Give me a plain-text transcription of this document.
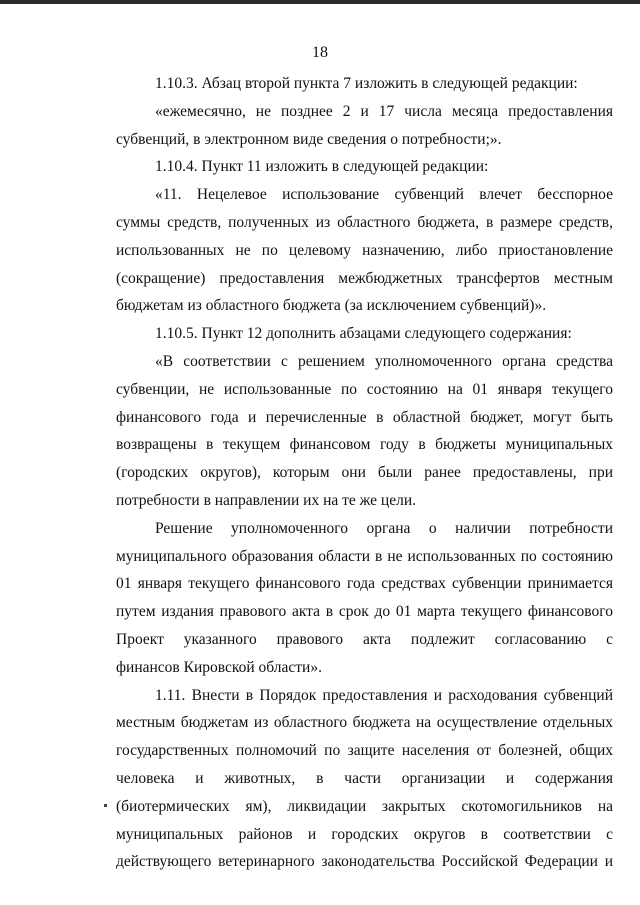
18

1.10.3. Абзац второй пункта 7 изложить в следующей редакции:

«ежемесячно, не позднее 2 и 17 числа месяца предоставления
субвенций, в электронном виде сведения о потребности;».

1.10.4. Пункт 11 изложить в следующей редакции:

«11. Нецелевое использование субвенций влечет бесспорное
суммы средств, полученных из областного бюджета, в размере средств,
использованных не по целевому назначению, либо приостановление
(сокращение) предоставления межбюджетных трансфертов местным
бюджетам из областного бюджета (за исключением субвенций)».

1.10.5. Пункт 12 дополнить абзацами следующего содержания:

«В соответствии с решением уполномоченного органа средства
субвенции, не использованные по состоянию на 01 января текущего
финансового года и перечисленные в областной бюджет, могут быть
возвращены в текущем финансовом году в бюджеты муниципальных
(городских округов), которым они были ранее предоставлены, при
потребности в направлении их на те же цели.

Решение уполномоченного органа о наличии потребности
муниципального образования области в не использованных по состоянию
01 января текущего финансового года средствах субвенции принимается
путем издания правового акта в срок до 01 марта текущего финансового
Проект указанного правового акта подлежит согласованию с
финансов Кировской области».

1.11. Внести в Порядок предоставления и расходования субвенций
местным бюджетам из областного бюджета на осуществление отдельных
государственных полномочий по защите населения от болезней, общих
человека и животных, в части организации и содержания
(биотермических ям), ликвидации закрытых скотомогильников на
муниципальных районов и городских округов в соответствии с
действующего ветеринарного законодательства Российской Федерации и
